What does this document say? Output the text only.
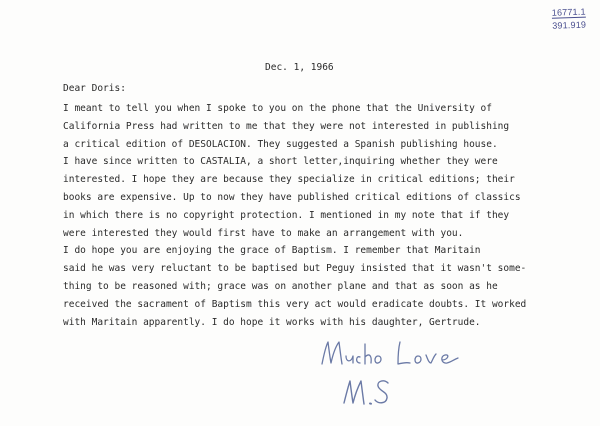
16771.1
391.919
Dec. 1, 1966
Dear Doris:
I meant to tell you when I spoke to you on the phone that the University of
California Press had written to me that they were not interested in publishing
a critical edition of DESOLACION. They suggested a Spanish publishing house.
I have since written to CASTALIA, a short letter,inquiring whether they were
interested. I hope they are because they specialize in critical editions; their
books are expensive. Up to now they have published critical editions of classics
in which there is no copyright protection. I mentioned in my note that if they
were interested they would first have to make an arrangement with you.
I do hope you are enjoying the grace of Baptism. I remember that Maritain
said he was very reluctant to be baptised but Peguy insisted that it wasn't some-
thing to be reasoned with; grace was on another plane and that as soon as he
received the sacrament of Baptism this very act would eradicate doubts. It worked
with Maritain apparently. I do hope it works with his daughter, Gertrude.
